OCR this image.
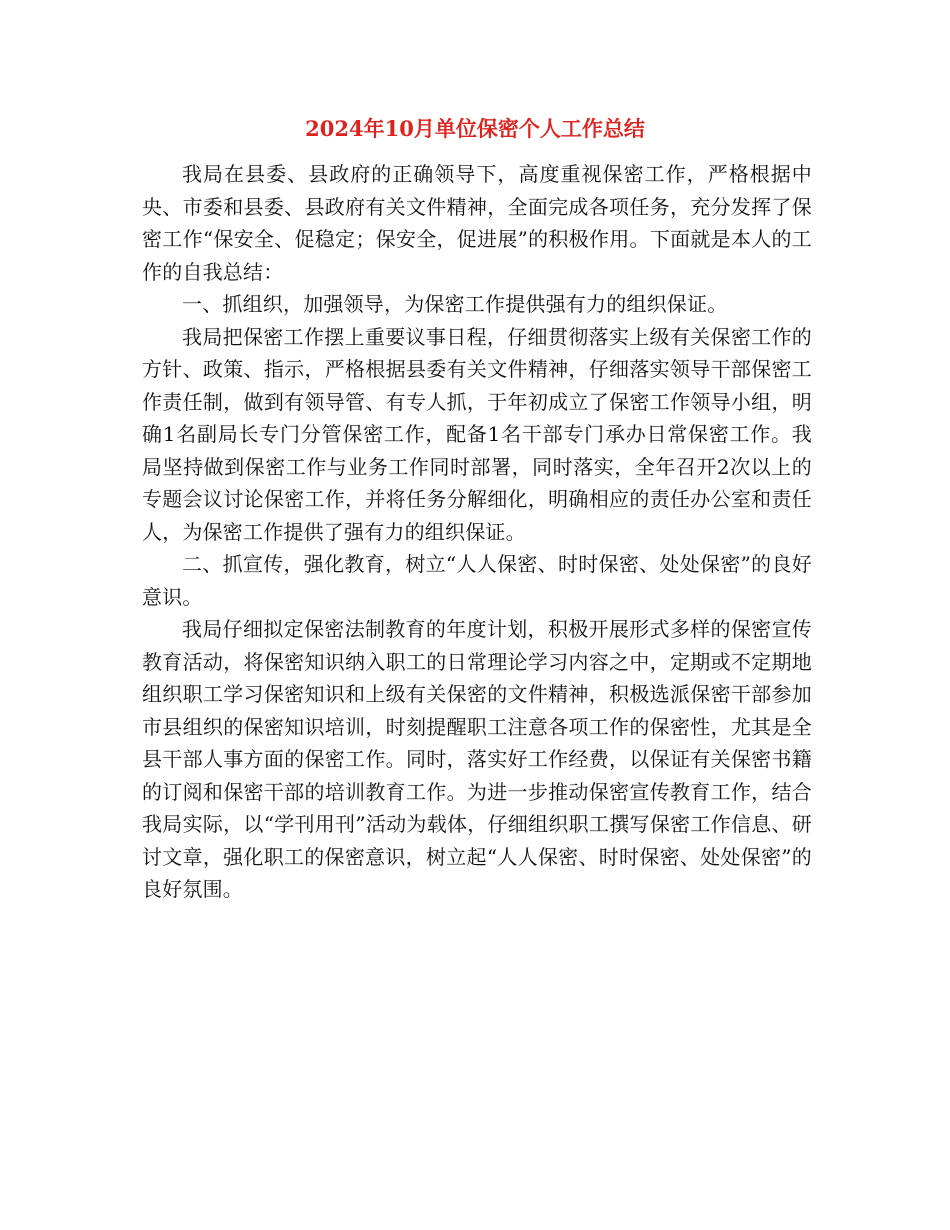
2024年10月单位保密个人工作总结

我局在县委、县政府的正确领导下，高度重视保密工作，严格根据中央、市委和县委、县政府有关文件精神，全面完成各项任务，充分发挥了保密工作“保安全、促稳定；保安全，促进展”的积极作用。下面就是本人的工作的自我总结：

一、抓组织，加强领导，为保密工作提供强有力的组织保证。

我局把保密工作摆上重要议事日程，仔细贯彻落实上级有关保密工作的方针、政策、指示，严格根据县委有关文件精神，仔细落实领导干部保密工作责任制，做到有领导管、有专人抓，于年初成立了保密工作领导小组，明确1名副局长专门分管保密工作，配备1名干部专门承办日常保密工作。我局坚持做到保密工作与业务工作同时部署，同时落实，全年召开2次以上的专题会议讨论保密工作，并将任务分解细化，明确相应的责任办公室和责任人，为保密工作提供了强有力的组织保证。

二、抓宣传，强化教育，树立“人人保密、时时保密、处处保密”的良好意识。

我局仔细拟定保密法制教育的年度计划，积极开展形式多样的保密宣传教育活动，将保密知识纳入职工的日常理论学习内容之中，定期或不定期地组织职工学习保密知识和上级有关保密的文件精神，积极选派保密干部参加市县组织的保密知识培训，时刻提醒职工注意各项工作的保密性，尤其是全县干部人事方面的保密工作。同时，落实好工作经费，以保证有关保密书籍的订阅和保密干部的培训教育工作。为进一步推动保密宣传教育工作，结合我局实际，以“学刊用刊”活动为载体，仔细组织职工撰写保密工作信息、研讨文章，强化职工的保密意识，树立起“人人保密、时时保密、处处保密”的良好氛围。
